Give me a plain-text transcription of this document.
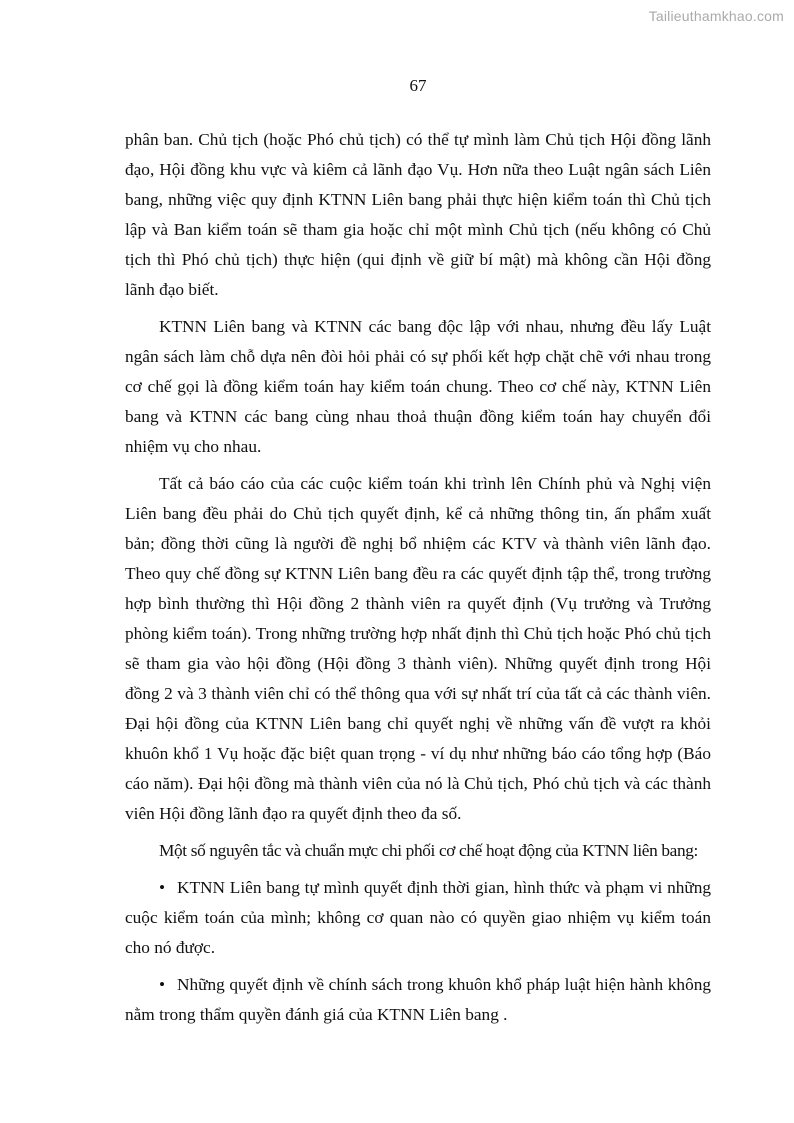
Tailieuthamkhao.com
67

phân ban. Chủ tịch (hoặc Phó chủ tịch) có thể tự mình làm Chủ tịch Hội đồng lãnh đạo, Hội đồng khu vực và kiêm cả lãnh đạo Vụ. Hơn nữa theo Luật ngân sách Liên bang, những việc quy định KTNN Liên bang phải thực hiện kiểm toán thì Chủ tịch lập và Ban kiểm toán sẽ tham gia hoặc chỉ một mình Chủ tịch (nếu không có Chủ tịch thì Phó chủ tịch) thực hiện (qui định về giữ bí mật) mà không cần Hội đồng lãnh đạo biết.

KTNN Liên bang và KTNN các bang độc lập với nhau, nhưng đều lấy Luật ngân sách làm chỗ dựa nên đòi hỏi phải có sự phối kết hợp chặt chẽ với nhau trong cơ chế gọi là đồng kiểm toán hay kiểm toán chung. Theo cơ chế này, KTNN Liên bang và KTNN các bang cùng nhau thoả thuận đồng kiểm toán hay chuyển đổi nhiệm vụ cho nhau.

Tất cả báo cáo của các cuộc kiểm toán khi trình lên Chính phủ và Nghị viện Liên bang đều phải do Chủ tịch quyết định, kể cả những thông tin, ấn phẩm xuất bản; đồng thời cũng là người đề nghị bổ nhiệm các KTV và thành viên lãnh đạo. Theo quy chế đồng sự KTNN Liên bang đều ra các quyết định tập thể, trong trường hợp bình thường thì Hội đồng 2 thành viên ra quyết định (Vụ trưởng và Trưởng phòng kiểm toán). Trong những trường hợp nhất định thì Chủ tịch hoặc Phó chủ tịch sẽ tham gia vào hội đồng (Hội đồng 3 thành viên). Những quyết định trong Hội đồng 2 và 3 thành viên chỉ có thể thông qua với sự nhất trí của tất cả các thành viên. Đại hội đồng của KTNN Liên bang chỉ quyết nghị về những vấn đề vượt ra khỏi khuôn khổ 1 Vụ hoặc đặc biệt quan trọng - ví dụ như những báo cáo tổng hợp (Báo cáo năm). Đại hội đồng mà thành viên của nó là Chủ tịch, Phó chủ tịch và các thành viên Hội đồng lãnh đạo ra quyết định theo đa số.

Một số nguyên tắc và chuẩn mực chi phối cơ chế hoạt động của KTNN liên bang:

• KTNN Liên bang tự mình quyết định thời gian, hình thức và phạm vi những cuộc kiểm toán của mình; không cơ quan nào có quyền giao nhiệm vụ kiểm toán cho nó được.

• Những quyết định về chính sách trong khuôn khổ pháp luật hiện hành không nằm trong thẩm quyền đánh giá của KTNN Liên bang .
